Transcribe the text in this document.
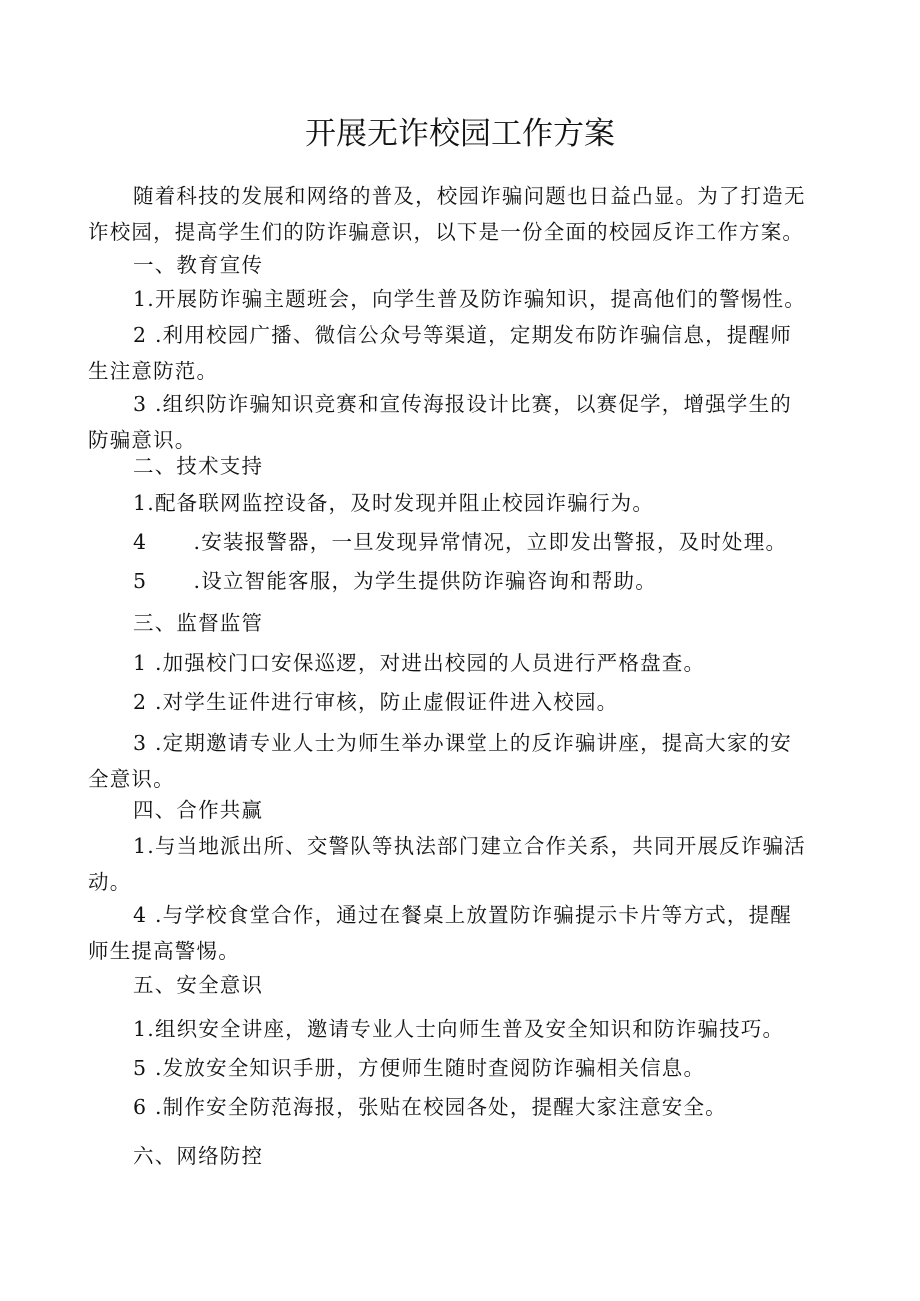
开展无诈校园工作方案

随着科技的发展和网络的普及，校园诈骗问题也日益凸显。为了打造无
诈校园，提高学生们的防诈骗意识，以下是一份全面的校园反诈工作方案。

一、教育宣传

1.开展防诈骗主题班会，向学生普及防诈骗知识，提高他们的警惕性。

2 .利用校园广播、微信公众号等渠道，定期发布防诈骗信息，提醒师
生注意防范。

3 .组织防诈骗知识竞赛和宣传海报设计比赛，以赛促学，增强学生的
防骗意识。

二、技术支持

1.配备联网监控设备，及时发现并阻止校园诈骗行为。

4      .安装报警器，一旦发现异常情况，立即发出警报，及时处理。

5      .设立智能客服，为学生提供防诈骗咨询和帮助。

三、监督监管

1 .加强校门口安保巡逻，对进出校园的人员进行严格盘查。

2 .对学生证件进行审核，防止虚假证件进入校园。

3 .定期邀请专业人士为师生举办课堂上的反诈骗讲座，提高大家的安
全意识。

四、合作共赢

1.与当地派出所、交警队等执法部门建立合作关系，共同开展反诈骗活
动。

4 .与学校食堂合作，通过在餐桌上放置防诈骗提示卡片等方式，提醒
师生提高警惕。

五、安全意识

1.组织安全讲座，邀请专业人士向师生普及安全知识和防诈骗技巧。

5 .发放安全知识手册，方便师生随时查阅防诈骗相关信息。

6 .制作安全防范海报，张贴在校园各处，提醒大家注意安全。

六、网络防控
